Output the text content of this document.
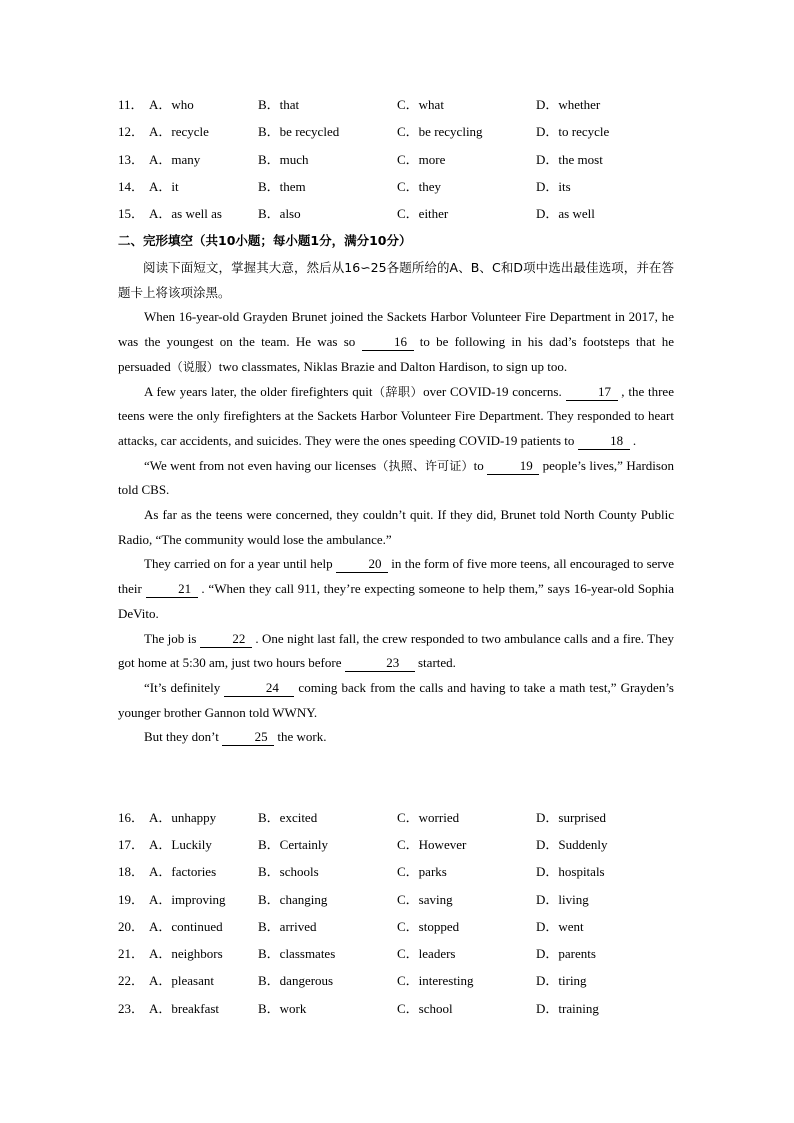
11． A．who	B．that	C．what	D．whether
12． A．recycle	B．be recycled	C．be recycling	D．to recycle
13． A．many	B．much	C．more	D．the most
14． A．it	B．them	C．they	D．its
15． A．as well as	B．also	C．either	D．as well
二、完形填空（共10小题；每小题1分，满分10分）

阅读下面短文，掌握其大意，然后从16∽25各题所给的A、B、C和D项中选出最佳选项，并在答题卡上将该项涂黑。

When 16-year-old Grayden Brunet joined the Sackets Harbor Volunteer Fire Department in 2017, he was the youngest on the team. He was so	16 to be following in his dad’s footsteps that he persuaded（说服）two classmates, Niklas Brazie and Dalton Hardison, to sign up too.

A few years later, the older firefighters quit（辞职）over COVID-19 concerns.	17 , the three teens were the only firefighters at the Sackets Harbor Volunteer Fire Department. They responded to heart attacks, car accidents, and suicides. They were the ones speeding COVID-19 patients to	18 .

“We went from not even having our licenses（执照、许可证）to	19 people’s lives,” Hardison told CBS.

As far as the teens were concerned, they couldn’t quit. If they did, Brunet told North County Public Radio, “The community would lose the ambulance.”

They carried on for a year until help	20 in the form of five more teens, all encouraged to serve their	21 . “When they call 911, they’re expecting someone to help them,” says 16-year-old Sophia DeVito.

The job is	22 . One night last fall, the crew responded to two ambulance calls and a fire. They got home at 5:30 am, just two hours before	23 started.

“It’s definitely	24 coming back from the calls and having to take a math test,” Grayden’s younger brother Gannon told WWNY.

But they don’t	25 the work.

16． A．unhappy	B．excited	C．worried	D．surprised
17． A．Luckily	B．Certainly	C．However	D．Suddenly
18． A．factories	B．schools	C．parks	D．hospitals
19． A．improving B．changing	C．saving	D．living
20． A．continued	B．arrived	C．stopped	D．went
21． A．neighbors	B．classmates	C．leaders	D．parents
22． A．pleasant	B．dangerous	C．interesting	D．tiring
23． A．breakfast	B．work	C．school	D．training
